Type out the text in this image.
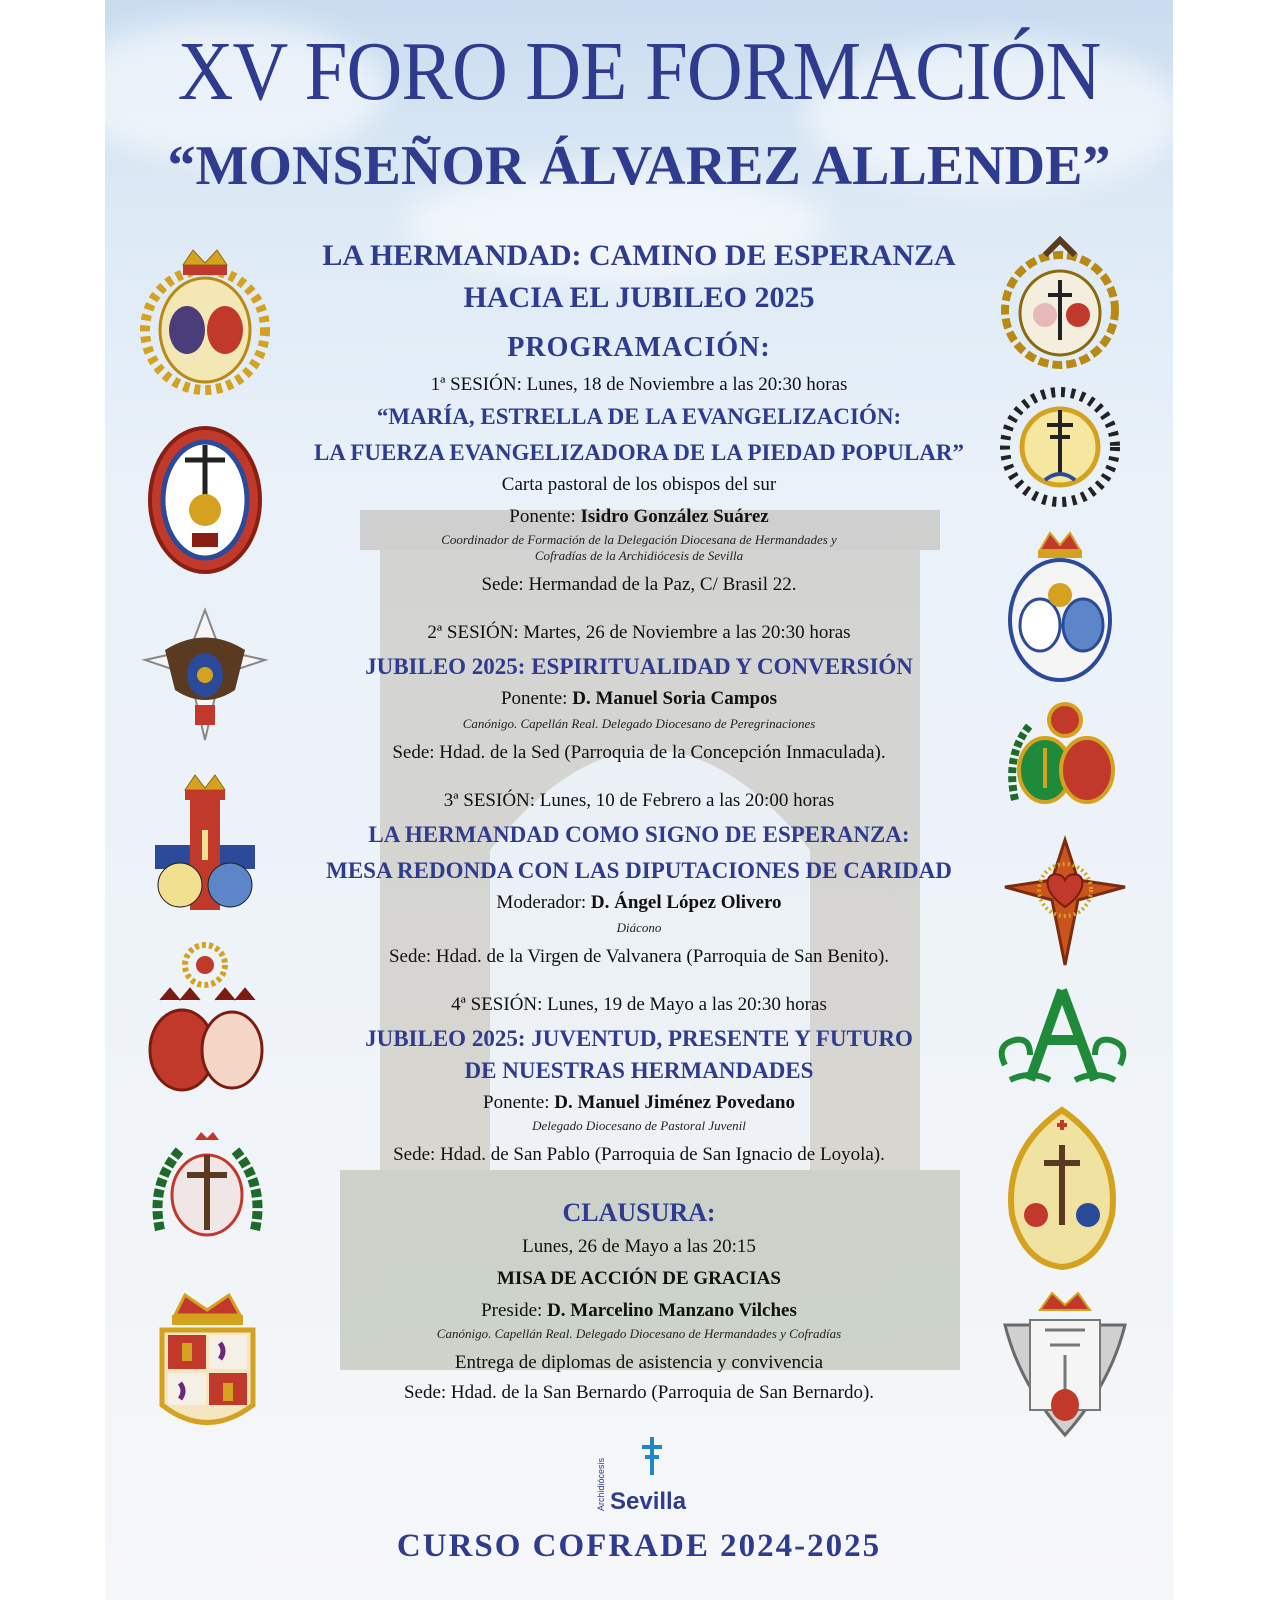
XV FORO DE FORMACIÓN
“MONSEÑOR ÁLVAREZ ALLENDE”
LA HERMANDAD: CAMINO DE ESPERANZA
HACIA EL JUBILEO 2025
PROGRAMACIÓN:
1ª SESIÓN: Lunes, 18 de Noviembre a las 20:30 horas
“MARÍA, ESTRELLA DE LA EVANGELIZACIÓN:
LA FUERZA EVANGELIZADORA DE LA PIEDAD POPULAR”
Carta pastoral de los obispos del sur
Ponente: Isidro González Suárez
Coordinador de Formación de la Delegación Diocesana de Hermandades y
Cofradías de la Archidiócesis de Sevilla
Sede: Hermandad de la Paz, C/ Brasil 22.
2ª SESIÓN: Martes, 26 de Noviembre a las 20:30 horas
JUBILEO 2025: ESPIRITUALIDAD Y CONVERSIÓN
Ponente: D. Manuel Soria Campos
Canónigo. Capellán Real. Delegado Diocesano de Peregrinaciones
Sede: Hdad. de la Sed (Parroquia de la Concepción Inmaculada).
3ª SESIÓN: Lunes, 10 de Febrero a las 20:00 horas
LA HERMANDAD COMO SIGNO DE ESPERANZA:
MESA REDONDA CON LAS DIPUTACIONES DE CARIDAD
Moderador: D. Ángel López Olivero
Diácono
Sede: Hdad. de la Virgen de Valvanera (Parroquia de San Benito).
4ª SESIÓN: Lunes, 19 de Mayo a las 20:30 horas
JUBILEO 2025: JUVENTUD, PRESENTE Y FUTURO
DE NUESTRAS HERMANDADES
Ponente: D. Manuel Jiménez Povedano
Delegado Diocesano de Pastoral Juvenil
Sede: Hdad. de San Pablo (Parroquia de San Ignacio de Loyola).
CLAUSURA:
Lunes, 26 de Mayo a las 20:15
MISA DE ACCIÓN DE GRACIAS
Preside: D. Marcelino Manzano Vilches
Canónigo. Capellán Real. Delegado Diocesano de Hermandades y Cofradías
Entrega de diplomas de asistencia y convivencia
Sede: Hdad. de la San Bernardo (Parroquia de San Bernardo).
Archidiócesis Sevilla
CURSO COFRADE 2024-2025
